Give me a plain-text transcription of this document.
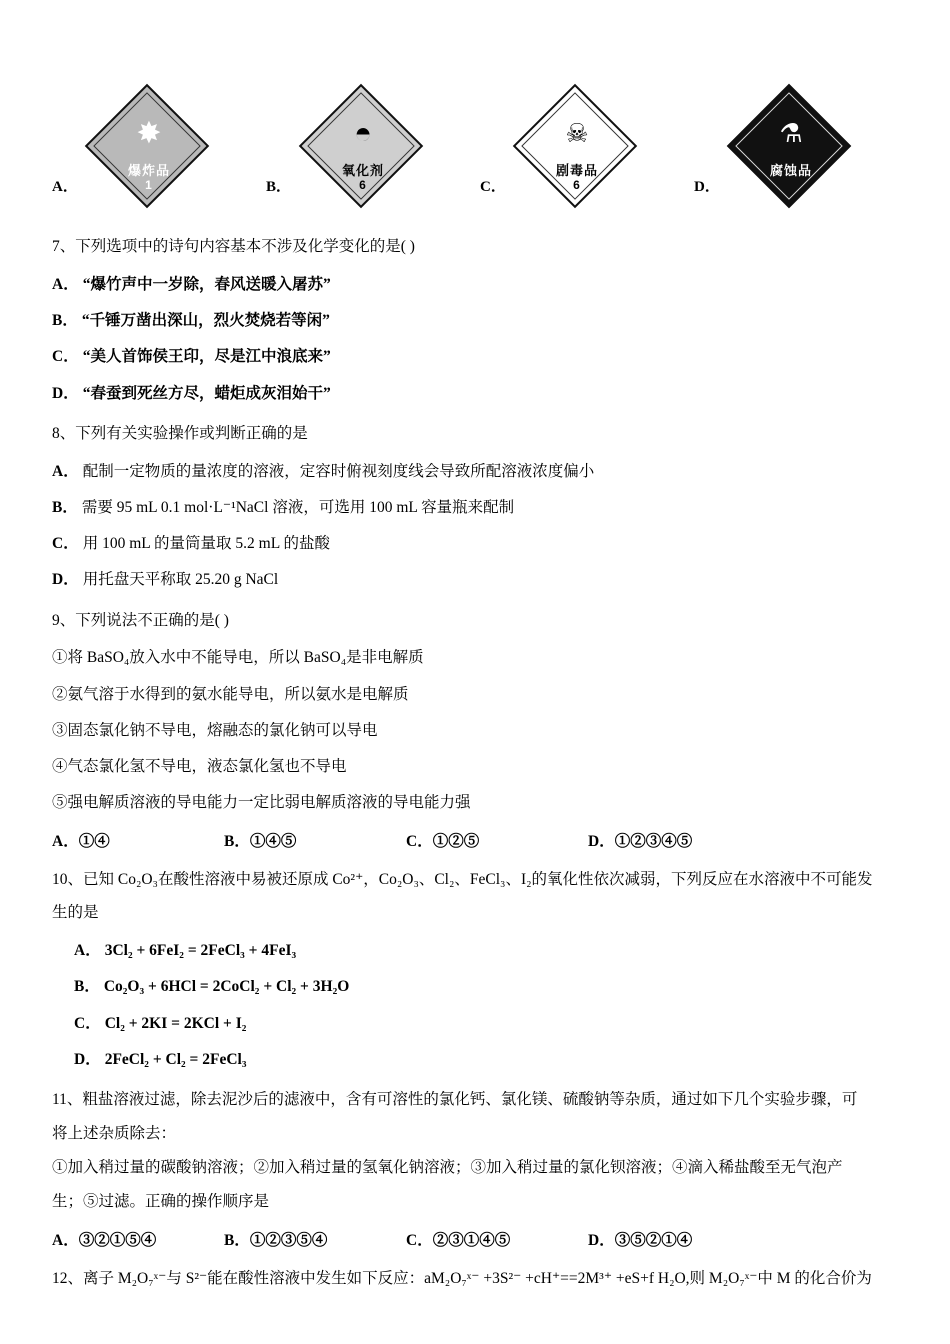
A．
✸
爆炸品
1	B．
◓
氧化剂
6	C．
☠
剧毒品
6	D．
⚗
腐蚀品
7、下列选项中的诗句内容基本不涉及化学变化的是( )
A． “爆竹声中一岁除，春风送暖入屠苏”
B． “千锤万凿出深山，烈火焚烧若等闲”
C． “美人首饰侯王印，尽是江中浪底来”
D． “春蚕到死丝方尽，蜡炬成灰泪始干”
8、下列有关实验操作或判断正确的是
A． 配制一定物质的量浓度的溶液，定容时俯视刻度线会导致所配溶液浓度偏小
B． 需要 95 mL 0.1 mol·L⁻¹NaCl 溶液，可选用 100 mL 容量瓶来配制
C． 用 100 mL 的量筒量取 5.2 mL 的盐酸
D． 用托盘天平称取 25.20 g NaCl
9、下列说法不正确的是( )
①将 BaSO₄放入水中不能导电，所以 BaSO₄是非电解质
②氨气溶于水得到的氨水能导电，所以氨水是电解质
③固态氯化钠不导电，熔融态的氯化钠可以导电
④气态氯化氢不导电，液态氯化氢也不导电
⑤强电解质溶液的导电能力一定比弱电解质溶液的导电能力强
A．①④	B．①④⑤	C．①②⑤	D．①②③④⑤
10、已知 Co₂O₃在酸性溶液中易被还原成 Co²⁺，Co₂O₃、Cl₂、FeCl₃、I₂的氧化性依次减弱，下列反应在水溶液中不可能发
生的是
A． 3Cl₂ + 6FeI₂ = 2FeCl₃ + 4FeI₃
B． Co₂O₃ + 6HCl = 2CoCl₂ + Cl₂ + 3H₂O
C． Cl₂ + 2KI = 2KCl + I₂
D． 2FeCl₂ + Cl₂ = 2FeCl₃
11、粗盐溶液过滤，除去泥沙后的滤液中，含有可溶性的氯化钙、氯化镁、硫酸钠等杂质，通过如下几个实验步骤，可
将上述杂质除去：
①加入稍过量的碳酸钠溶液；②加入稍过量的氢氧化钠溶液；③加入稍过量的氯化钡溶液；④滴入稀盐酸至无气泡产
生；⑤过滤。正确的操作顺序是
A．③②①⑤④	B．①②③⑤④	C．②③①④⑤	D．③⑤②①④
12、离子 M₂O₇ˣ⁻与 S²⁻能在酸性溶液中发生如下反应：aM₂O₇ˣ⁻ +3S²⁻ +cH⁺==2M³⁺ +eS+f H₂O,则 M₂O₇ˣ⁻中 M 的化合价为
